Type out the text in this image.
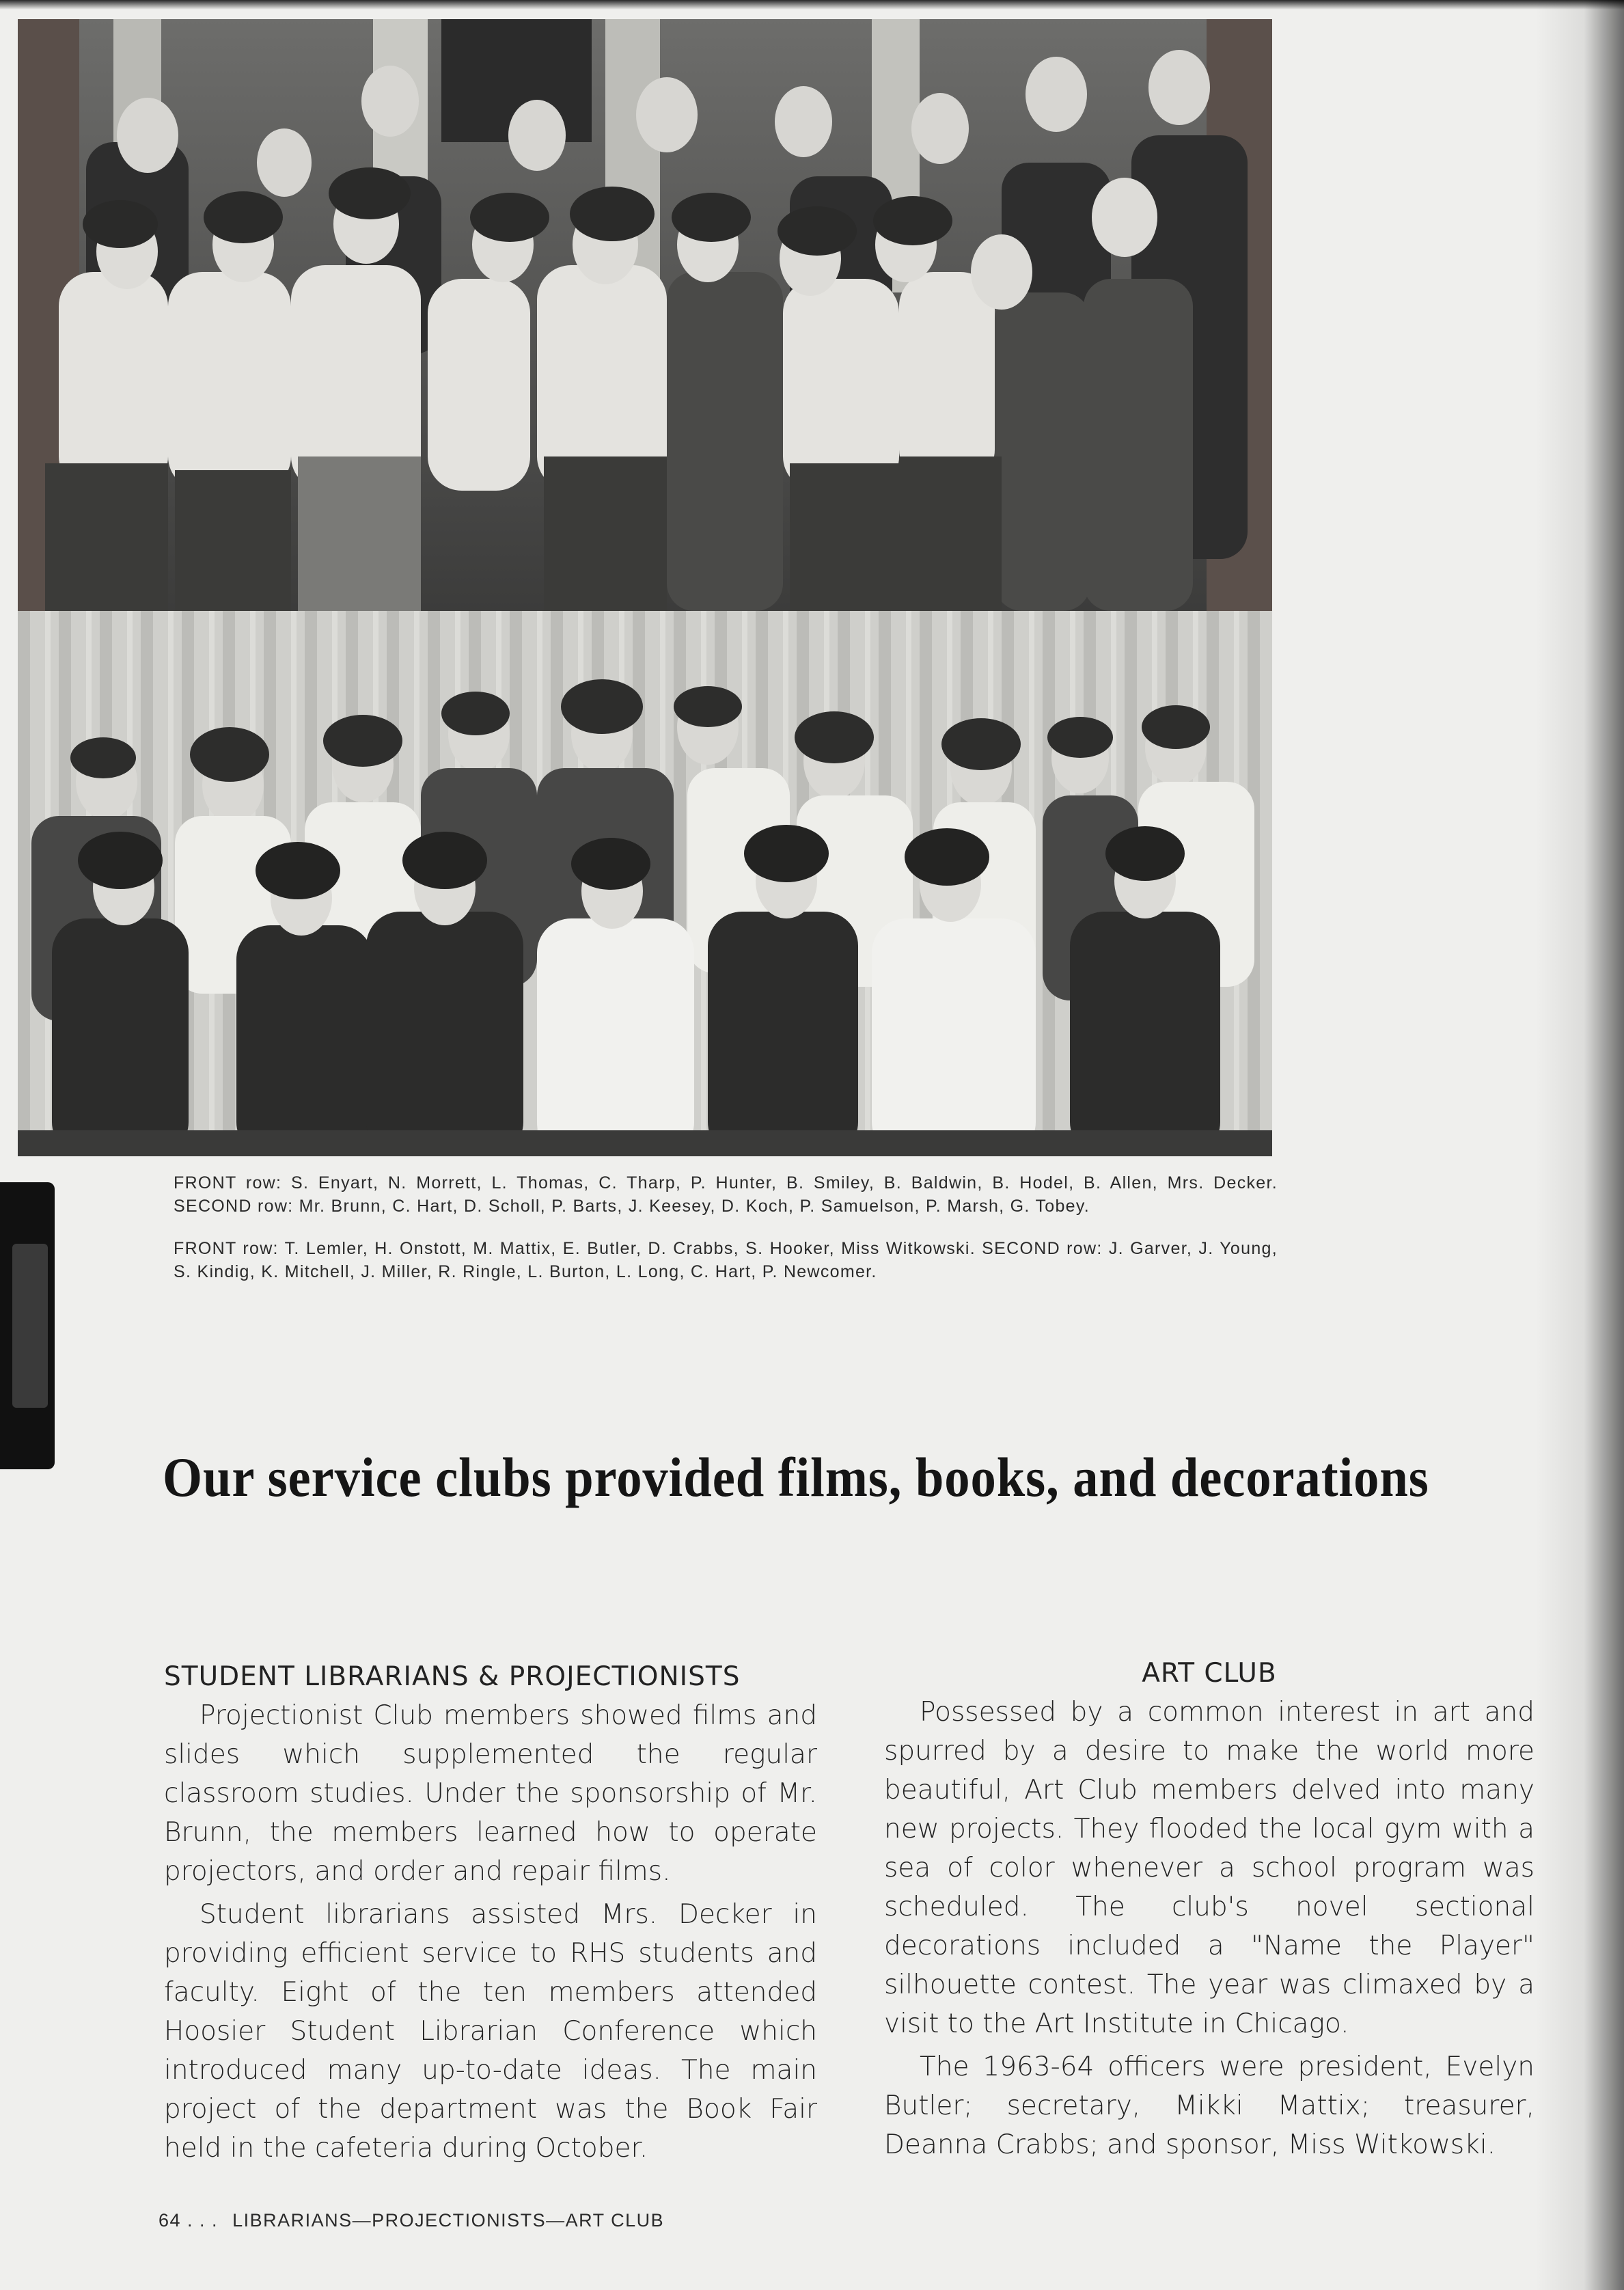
FRONT row: S. Enyart, N. Morrett, L. Thomas, C. Tharp, P. Hunter, B. Smiley, B. Baldwin, B. Hodel, B. Allen, Mrs. Decker. SECOND row: Mr. Brunn, C. Hart, D. Scholl, P. Barts, J. Keesey, D. Koch, P. Samuelson, P. Marsh, G. Tobey.
FRONT row: T. Lemler, H. Onstott, M. Mattix, E. Butler, D. Crabbs, S. Hooker, Miss Witkowski. SECOND row: J. Garver, J. Young, S. Kindig, K. Mitchell, J. Miller, R. Ringle, L. Burton, L. Long, C. Hart, P. Newcomer.
Our service clubs provided films, books, and decorations
STUDENT LIBRARIANS & PROJECTIONISTS

Projectionist Club members showed films and slides which supplemented the regular classroom studies. Under the sponsorship of Mr. Brunn, the members learned how to operate projectors, and order and repair films.

Student librarians assisted Mrs. Decker in providing efficient service to RHS students and faculty. Eight of the ten members attended Hoosier Student Librarian Conference which introduced many up-to-date ideas. The main project of the department was the Book Fair held in the cafeteria during October.

ART CLUB

Possessed by a common interest in art and spurred by a desire to make the world more beautiful, Art Club members delved into many new projects. They flooded the local gym with a sea of color whenever a school program was scheduled. The club's novel sectional decorations included a "Name the Player" silhouette contest. The year was climaxed by a visit to the Art Institute in Chicago.

The 1963-64 officers were president, Evelyn Butler; secretary, Mikki Mattix; treasurer, Deanna Crabbs; and sponsor, Miss Witkowski.

64 . . . LIBRARIANS—PROJECTIONISTS—ART CLUB
